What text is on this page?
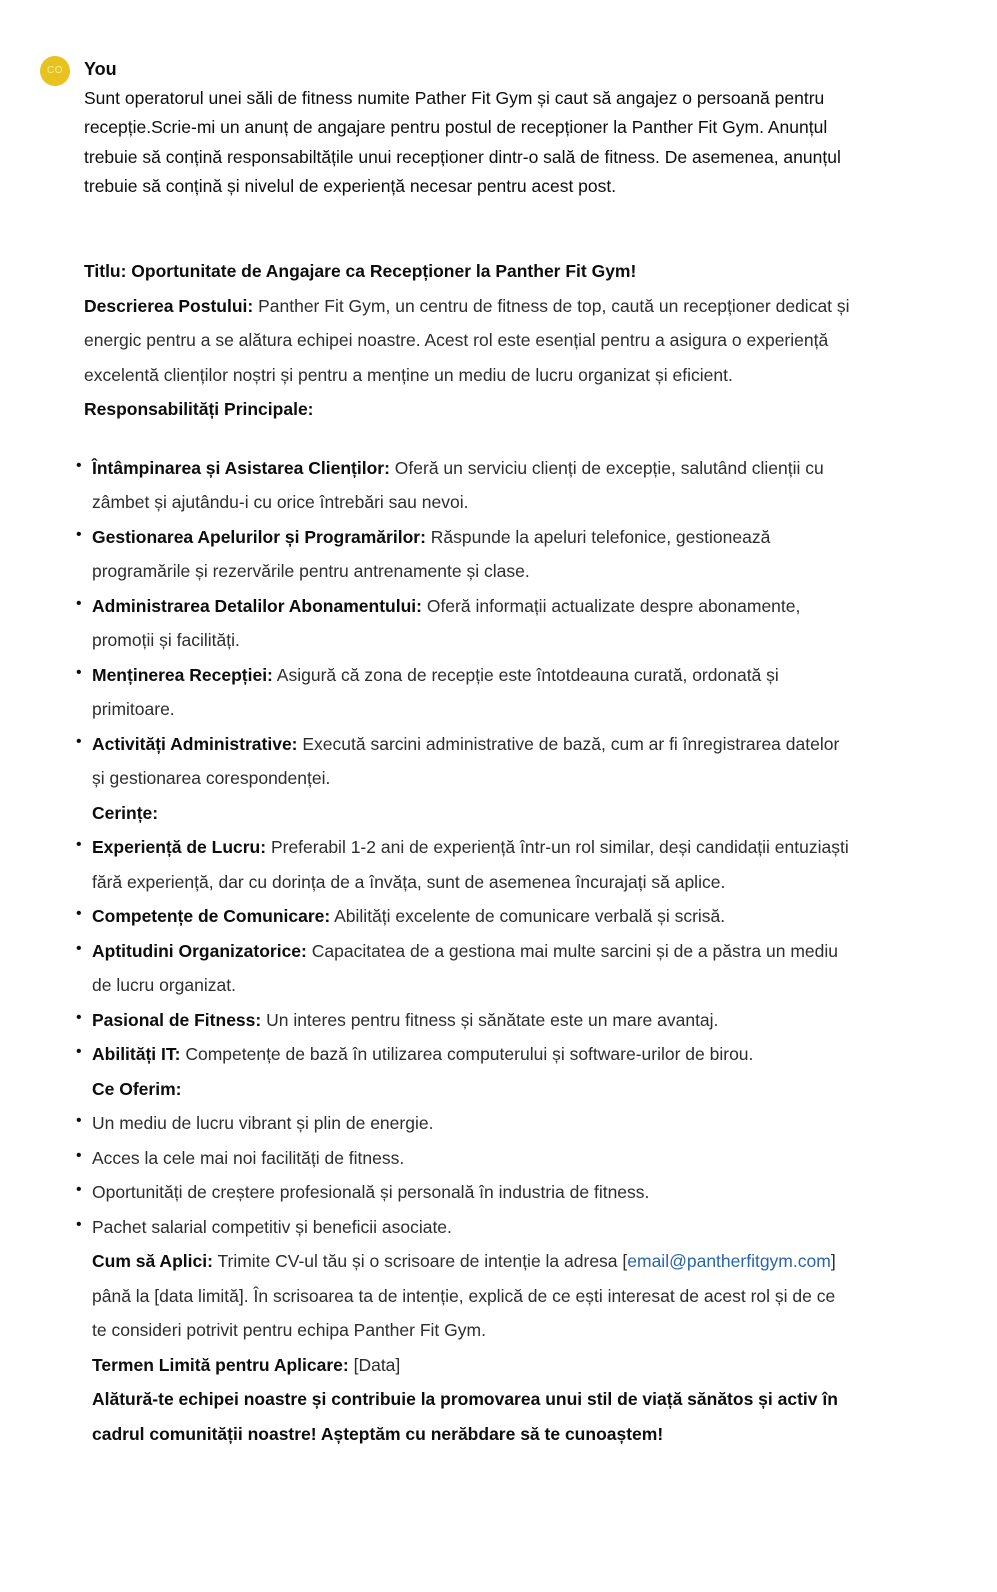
CO	You

Sunt operatorul unei săli de fitness numite Pather Fit Gym și caut să angajez o persoană pentru recepție.Scrie-mi un anunț de angajare pentru postul de recepționer la Panther Fit Gym. Anunțul trebuie să conțină responsabiltățile unui recepționer dintr-o sală de fitness. De asemenea, anunțul trebuie să conțină și nivelul de experiență necesar pentru acest post.

Titlu: Oportunitate de Angajare ca Recepționer la Panther Fit Gym!

Descrierea Postului: Panther Fit Gym, un centru de fitness de top, caută un recepționer dedicat și energic pentru a se alătura echipei noastre. Acest rol este esențial pentru a asigura o experiență excelentă clienților noștri și pentru a menține un mediu de lucru organizat și eficient.

Responsabilități Principale:

• Întâmpinarea și Asistarea Clienților: Oferă un serviciu clienți de excepție, salutând clienții cu zâmbet și ajutându-i cu orice întrebări sau nevoi.
• Gestionarea Apelurilor și Programărilor: Răspunde la apeluri telefonice, gestionează programările și rezervările pentru antrenamente și clase.
• Administrarea Detalilor Abonamentului: Oferă informații actualizate despre abonamente, promoții și facilități.
• Menținerea Recepției: Asigură că zona de recepție este întotdeauna curată, ordonată și primitoare.
• Activități Administrative: Execută sarcini administrative de bază, cum ar fi înregistrarea datelor și gestionarea corespondenței.

Cerințe:

• Experiență de Lucru: Preferabil 1-2 ani de experiență într-un rol similar, deși candidații entuziaști fără experiență, dar cu dorința de a învăța, sunt de asemenea încurajați să aplice.
• Competențe de Comunicare: Abilități excelente de comunicare verbală și scrisă.
• Aptitudini Organizatorice: Capacitatea de a gestiona mai multe sarcini și de a păstra un mediu de lucru organizat.
• Pasional de Fitness: Un interes pentru fitness și sănătate este un mare avantaj.
• Abilități IT: Competențe de bază în utilizarea computerului și software-urilor de birou.

Ce Oferim:

• Un mediu de lucru vibrant și plin de energie.
• Acces la cele mai noi facilități de fitness.
• Oportunități de creștere profesională și personală în industria de fitness.
• Pachet salarial competitiv și beneficii asociate.

Cum să Aplici: Trimite CV-ul tău și o scrisoare de intenție la adresa [email@pantherfitgym.com] până la [data limită]. În scrisoarea ta de intenție, explică de ce ești interesat de acest rol și de ce te consideri potrivit pentru echipa Panther Fit Gym.

Termen Limită pentru Aplicare: [Data]

Alătură-te echipei noastre și contribuie la promovarea unui stil de viață sănătos și activ în cadrul comunității noastre! Așteptăm cu nerăbdare să te cunoaștem!
